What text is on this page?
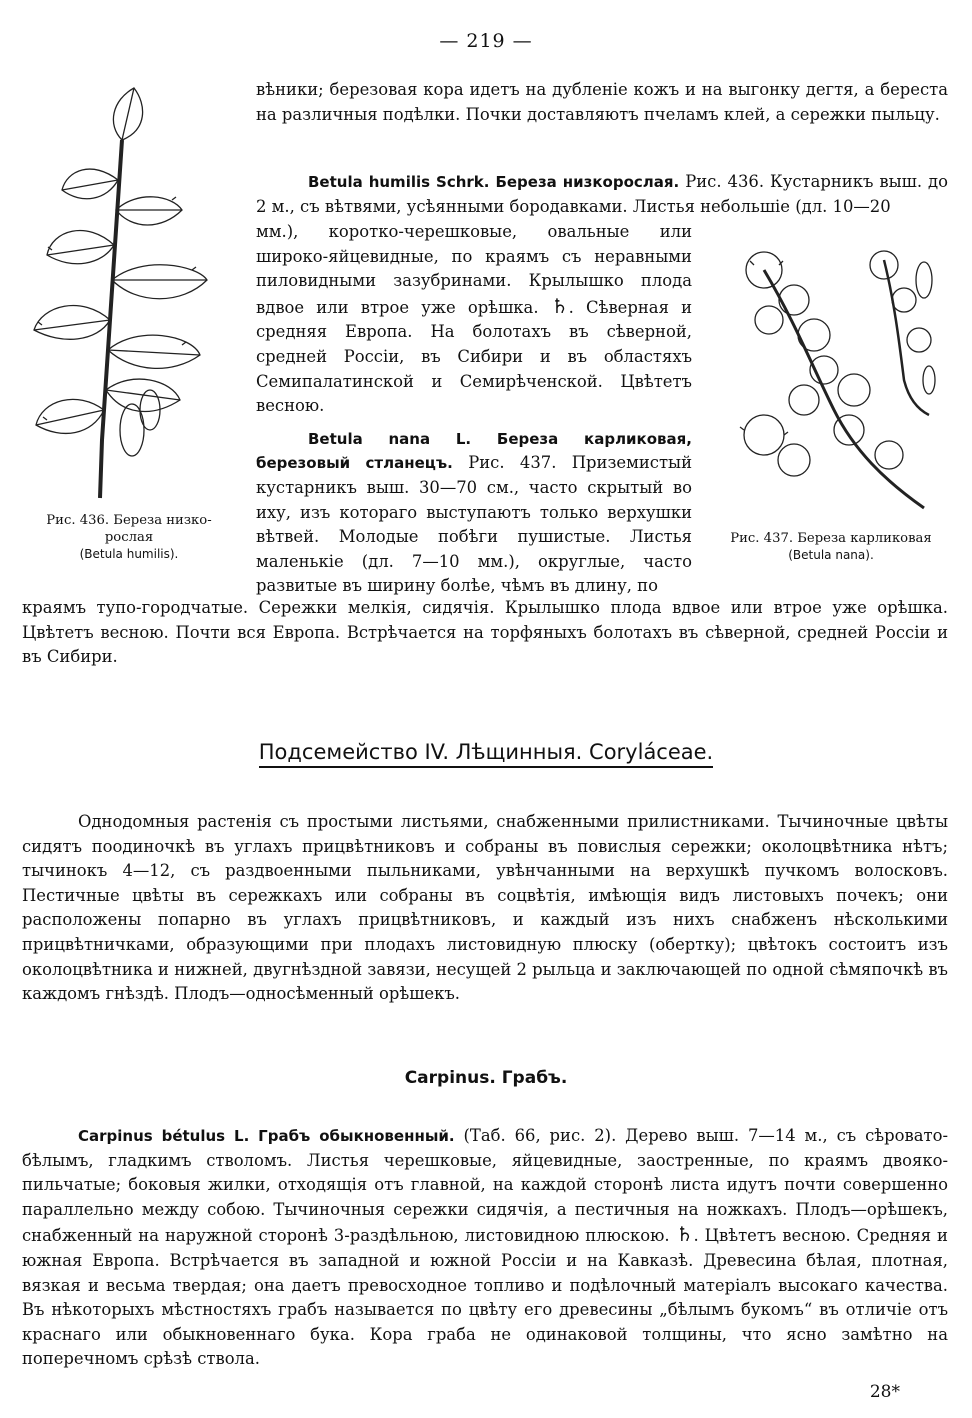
— 219 —
Рис. 436. Береза низко-
рослая
(Betula humilis).

вѣники; березовая кора идетъ на дубленіе кожъ и на выгонку дегтя, а береста на различныя подѣлки. Почки доставляютъ пчеламъ клей, а сережки пыльцу.

Betula humilis Schrk. Береза низкорослая. Рис. 436. Кустарникъ выш. до 2 м., съ вѣтвями, усѣянными бородавками. Листья небольшіе (дл. 10—20

мм.), коротко-черешковые, овальные или широко-яйцевидные, по краямъ съ неравными пиловидными зазубринами. Крылышко плода вдвое или втрое уже орѣшка. ♄. Сѣверная и средняя Европа. На болотахъ въ сѣверной, средней Россіи, въ Сибири и въ областяхъ Семипалатинской и Семирѣченской. Цвѣтетъ весною.

Betula nana L. Береза карликовая, березовый стланецъ. Рис. 437. Приземистый кустарникъ выш. 30—70 см., часто скрытый во иху, изъ котораго выступаютъ только верхушки вѣтвей. Молодые побѣги пушистые. Листья маленькіе (дл. 7—10 мм.), округлые, часто развитые въ ширину болѣе, чѣмъ въ длину, по

Рис. 437. Береза карликовая
(Betula nana).

краямъ тупо-городчатые. Сережки мелкія, сидячія. Крылышко плода вдвое или втрое уже орѣшка. Цвѣтетъ весною. Почти вся Европа. Встрѣчается на торфяныхъ болотахъ въ сѣверной, средней Россіи и въ Сибири.

Подсемейство IV. Лѣщинныя. Coryláceae.

Однодомныя растенія съ простыми листьями, снабженными прилистниками. Тычиночные цвѣты сидятъ поодиночкѣ въ углахъ прицвѣтниковъ и собраны въ повислыя сережки; околоцвѣтника нѣтъ; тычинокъ 4—12, съ раздвоенными пыльниками, увѣнчанными на верхушкѣ пучкомъ волосковъ. Пестичные цвѣты въ сережкахъ или собраны въ соцвѣтія, имѣющія видъ листовыхъ почекъ; они расположены попарно въ углахъ прицвѣтниковъ, и каждый изъ нихъ снабженъ нѣсколькими прицвѣтничками, образующими при плодахъ листовидную плюску (обертку); цвѣтокъ состоитъ изъ околоцвѣтника и нижней, двугнѣздной завязи, несущей 2 рыльца и заключающей по одной сѣмяпочкѣ въ каждомъ гнѣздѣ. Плодъ—односѣменный орѣшекъ.

Carpinus. Грабъ.

Carpinus bétulus L. Грабъ обыкновенный. (Таб. 66, рис. 2). Дерево выш. 7—14 м., съ сѣровато-бѣлымъ, гладкимъ стволомъ. Листья черешковые, яйцевидные, заостренные, по краямъ двояко-пильчатые; боковыя жилки, отходящія отъ главной, на каждой сторонѣ листа идутъ почти совершенно параллельно между собою. Тычиночныя сережки сидячія, а пестичныя на ножкахъ. Плодъ—орѣшекъ, снабженный на наружной сторонѣ 3-раздѣльною, листовидною плюскою. ♄. Цвѣтетъ весною. Средняя и южная Европа. Встрѣчается въ западной и южной Россіи и на Кавказѣ. Древесина бѣлая, плотная, вязкая и весьма твердая; она даетъ превосходное топливо и подѣлочный матеріалъ высокаго качества. Въ нѣкоторыхъ мѣстностяхъ грабъ называется по цвѣту его древесины „бѣлымъ букомъ“ въ отличіе отъ краснаго или обыкновеннаго бука. Кора граба не одинаковой толщины, что ясно замѣтно на поперечномъ срѣзѣ ствола.

28*
